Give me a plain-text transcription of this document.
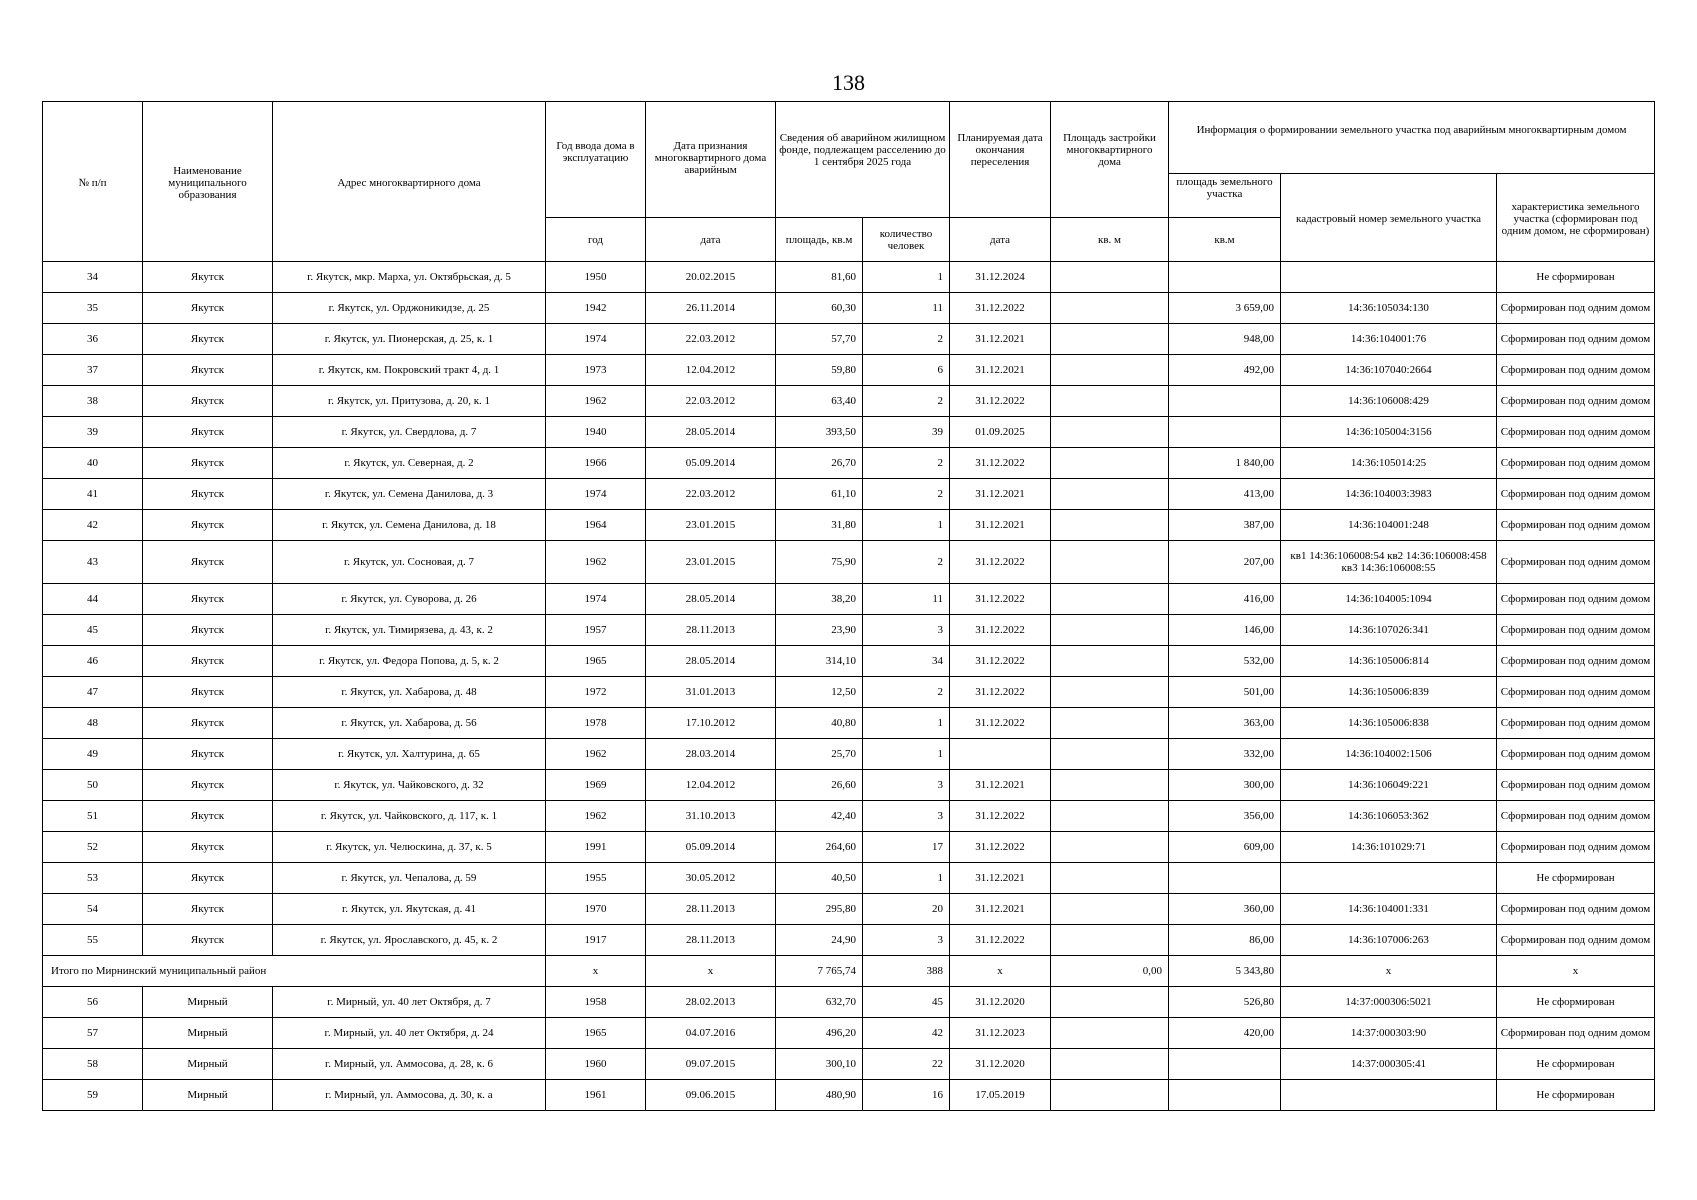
138
№ п/п	Наименование муниципального образования	Адрес многоквартирного дома	Год ввода дома в эксплуатацию	Дата признания многоквартирного дома аварийным	Сведения об аварийном жилищном фонде, подлежащем расселению до 1 сентября 2025 года		Планируемая дата окончания переселения	Площадь застройки многоквартирного дома	Информация о формировании земельного участка под аварийным многоквартирным домом		
									площадь земельного участка	кадастровый номер земельного участка	характеристика земельного участка (сформирован под одним домом, не сформирован)
			год	дата	площадь, кв.м	количество человек	дата	кв. м	кв.м		
34	Якутск	г. Якутск, мкр. Марха, ул. Октябрьская, д. 5	1950	20.02.2015	81,60	1	31.12.2024				Не сформирован
35	Якутск	г. Якутск, ул. Орджоникидзе, д. 25	1942	26.11.2014	60,30	11	31.12.2022		3 659,00	14:36:105034:130	Сформирован под одним домом
36	Якутск	г. Якутск, ул. Пионерская, д. 25, к. 1	1974	22.03.2012	57,70	2	31.12.2021		948,00	14:36:104001:76	Сформирован под одним домом
37	Якутск	г. Якутск, км. Покровский тракт 4, д. 1	1973	12.04.2012	59,80	6	31.12.2021		492,00	14:36:107040:2664	Сформирован под одним домом
38	Якутск	г. Якутск, ул. Притузова, д. 20, к. 1	1962	22.03.2012	63,40	2	31.12.2022			14:36:106008:429	Сформирован под одним домом
39	Якутск	г. Якутск, ул. Свердлова, д. 7	1940	28.05.2014	393,50	39	01.09.2025			14:36:105004:3156	Сформирован под одним домом
40	Якутск	г. Якутск, ул. Северная, д. 2	1966	05.09.2014	26,70	2	31.12.2022		1 840,00	14:36:105014:25	Сформирован под одним домом
41	Якутск	г. Якутск, ул. Семена Данилова, д. 3	1974	22.03.2012	61,10	2	31.12.2021		413,00	14:36:104003:3983	Сформирован под одним домом
42	Якутск	г. Якутск, ул. Семена Данилова, д. 18	1964	23.01.2015	31,80	1	31.12.2021		387,00	14:36:104001:248	Сформирован под одним домом
43	Якутск	г. Якутск, ул. Сосновая, д. 7	1962	23.01.2015	75,90	2	31.12.2022		207,00	кв1 14:36:106008:54 кв2 14:36:106008:458 кв3 14:36:106008:55	Сформирован под одним домом
44	Якутск	г. Якутск, ул. Суворова, д. 26	1974	28.05.2014	38,20	11	31.12.2022		416,00	14:36:104005:1094	Сформирован под одним домом
45	Якутск	г. Якутск, ул. Тимирязева, д. 43, к. 2	1957	28.11.2013	23,90	3	31.12.2022		146,00	14:36:107026:341	Сформирован под одним домом
46	Якутск	г. Якутск, ул. Федора Попова, д. 5, к. 2	1965	28.05.2014	314,10	34	31.12.2022		532,00	14:36:105006:814	Сформирован под одним домом
47	Якутск	г. Якутск, ул. Хабарова, д. 48	1972	31.01.2013	12,50	2	31.12.2022		501,00	14:36:105006:839	Сформирован под одним домом
48	Якутск	г. Якутск, ул. Хабарова, д. 56	1978	17.10.2012	40,80	1	31.12.2022		363,00	14:36:105006:838	Сформирован под одним домом
49	Якутск	г. Якутск, ул. Халтурина, д. 65	1962	28.03.2014	25,70	1			332,00	14:36:104002:1506	Сформирован под одним домом
50	Якутск	г. Якутск, ул. Чайковского, д. 32	1969	12.04.2012	26,60	3	31.12.2021		300,00	14:36:106049:221	Сформирован под одним домом
51	Якутск	г. Якутск, ул. Чайковского, д. 117, к. 1	1962	31.10.2013	42,40	3	31.12.2022		356,00	14:36:106053:362	Сформирован под одним домом
52	Якутск	г. Якутск, ул. Челюскина, д. 37, к. 5	1991	05.09.2014	264,60	17	31.12.2022		609,00	14:36:101029:71	Сформирован под одним домом
53	Якутск	г. Якутск, ул. Чепалова, д. 59	1955	30.05.2012	40,50	1	31.12.2021				Не сформирован
54	Якутск	г. Якутск, ул. Якутская, д. 41	1970	28.11.2013	295,80	20	31.12.2021		360,00	14:36:104001:331	Сформирован под одним домом
55	Якутск	г. Якутск, ул. Ярославского, д. 45, к. 2	1917	28.11.2013	24,90	3	31.12.2022		86,00	14:36:107006:263	Сформирован под одним домом
Итого по Мирнинский муниципальный район			х	х	7 765,74	388	х	0,00	5 343,80	х	х
56	Мирный	г. Мирный, ул. 40 лет Октября, д. 7	1958	28.02.2013	632,70	45	31.12.2020		526,80	14:37:000306:5021	Не сформирован
57	Мирный	г. Мирный, ул. 40 лет Октября, д. 24	1965	04.07.2016	496,20	42	31.12.2023		420,00	14:37:000303:90	Сформирован под одним домом
58	Мирный	г. Мирный, ул. Аммосова, д. 28, к. 6	1960	09.07.2015	300,10	22	31.12.2020			14:37:000305:41	Не сформирован
59	Мирный	г. Мирный, ул. Аммосова, д. 30, к. а	1961	09.06.2015	480,90	16	17.05.2019				Не сформирован
